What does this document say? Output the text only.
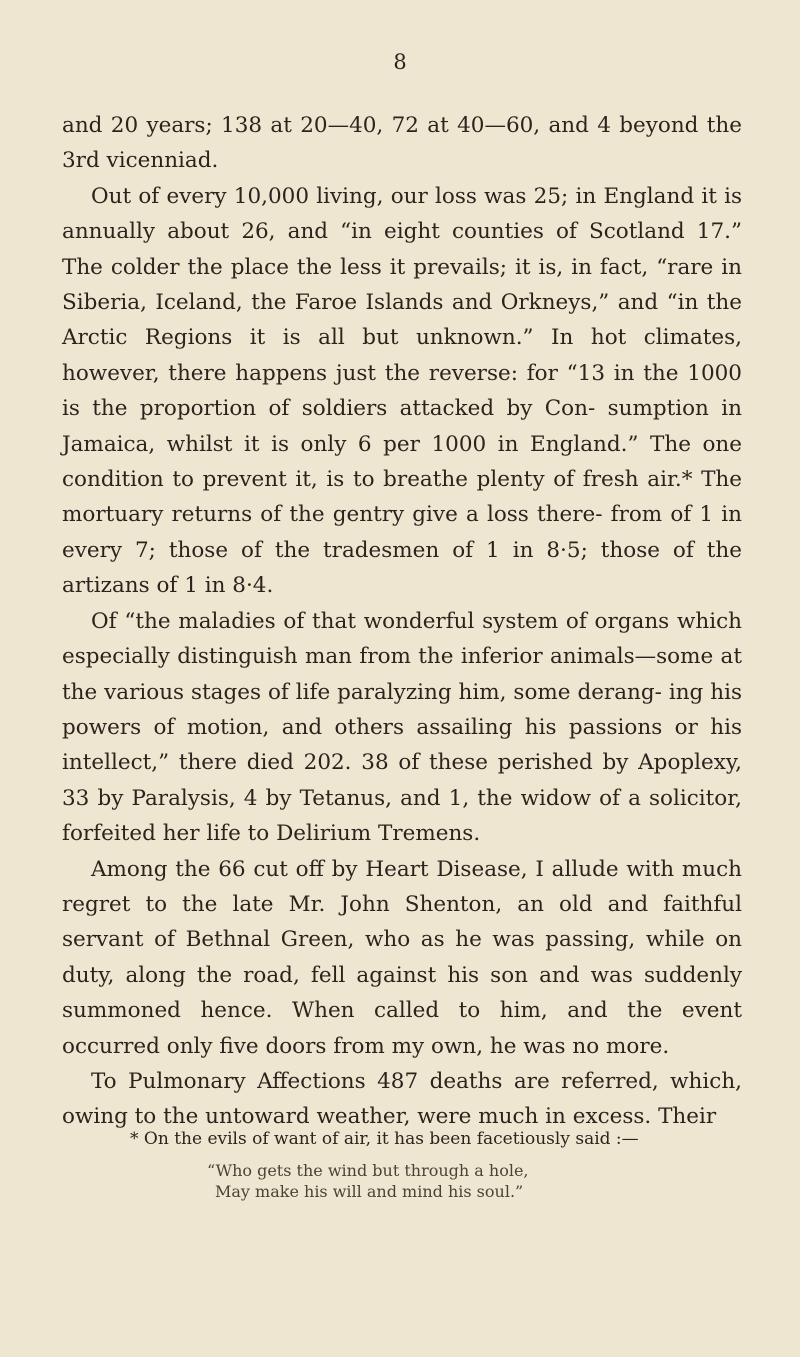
8

and 20 years; 138 at 20—40, 72 at 40—60, and 4 beyond the 3rd vicenniad.

Out of every 10,000 living, our loss was 25; in England it is annually about 26, and “in eight counties of Scotland 17.” The colder the place the less it prevails; it is, in fact, “rare in Siberia, Iceland, the Faroe Islands and Orkneys,” and “in the Arctic Regions it is all but unknown.” In hot climates, however, there happens just the reverse: for “13 in the 1000 is the proportion of soldiers attacked by Con- sumption in Jamaica, whilst it is only 6 per 1000 in England.” The one condition to prevent it, is to breathe plenty of fresh air.* The mortuary returns of the gentry give a loss there- from of 1 in every 7; those of the tradesmen of 1 in 8·5; those of the artizans of 1 in 8·4.

Of “the maladies of that wonderful system of organs which especially distinguish man from the inferior animals—some at the various stages of life paralyzing him, some derang- ing his powers of motion, and others assailing his passions or his intellect,” there died 202. 38 of these perished by Apoplexy, 33 by Paralysis, 4 by Tetanus, and 1, the widow of a solicitor, forfeited her life to Delirium Tremens.

Among the 66 cut off by Heart Disease, I allude with much regret to the late Mr. John Shenton, an old and faithful servant of Bethnal Green, who as he was passing, while on duty, along the road, fell against his son and was suddenly summoned hence. When called to him, and the event occurred only five doors from my own, he was no more.

To Pulmonary Affections 487 deaths are referred, which, owing to the untoward weather, were much in excess. Their

* On the evils of want of air, it has been facetiously said :—

“Who gets the wind but through a hole,
May make his will and mind his soul.”
